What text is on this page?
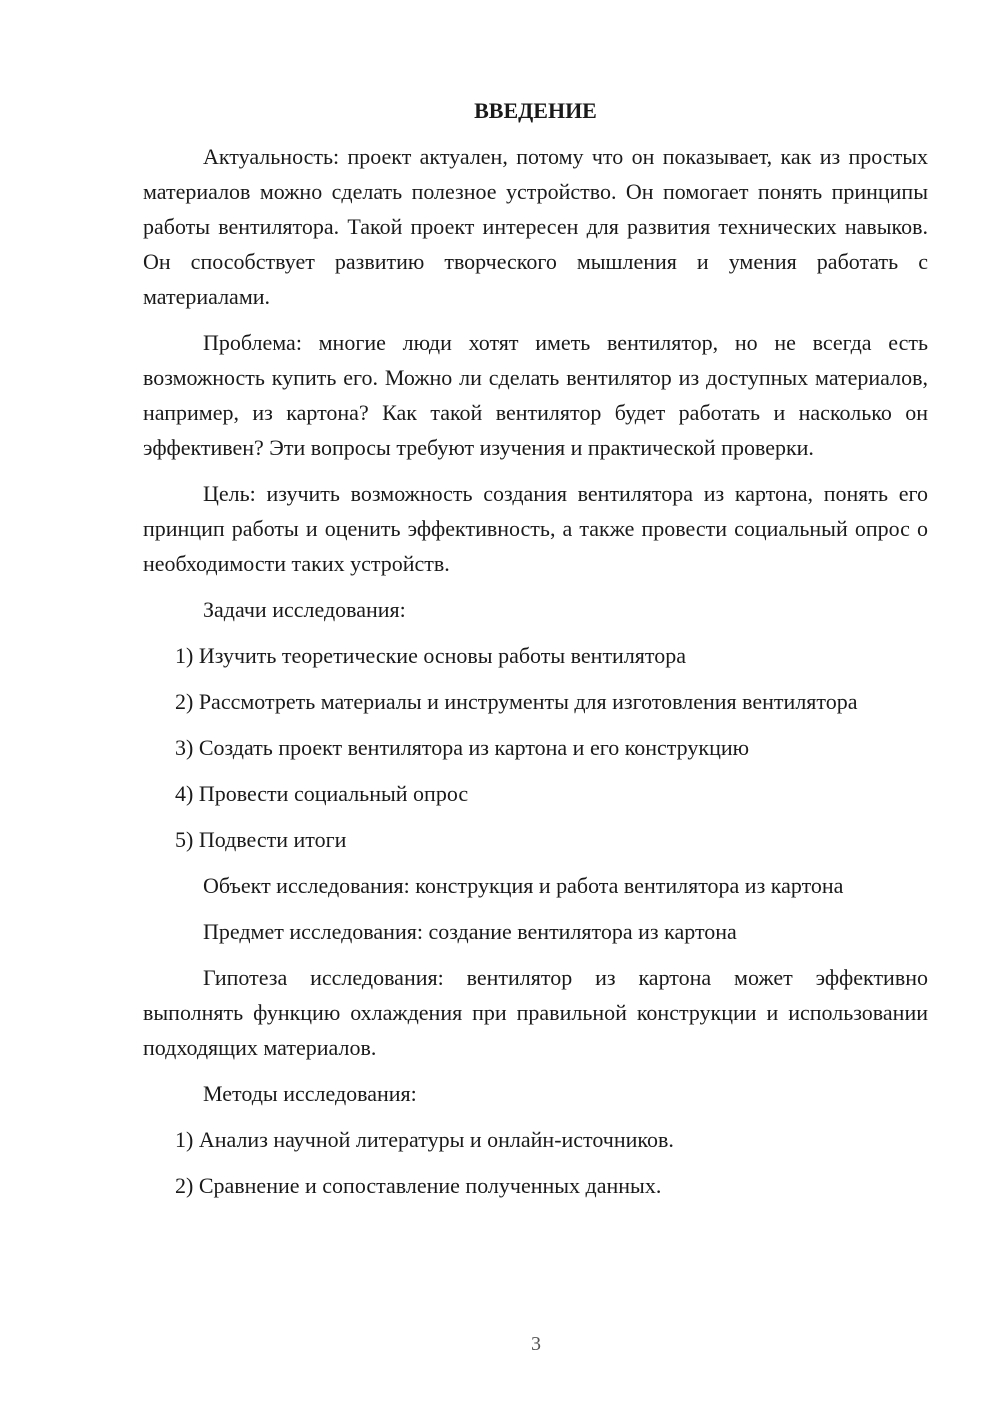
ВВЕДЕНИЕ

Актуальность: проект актуален, потому что он показывает, как из простых материалов можно сделать полезное устройство. Он помогает понять принципы работы вентилятора. Такой проект интересен для развития технических навыков. Он способствует развитию творческого мышления и умения работать с материалами.

Проблема: многие люди хотят иметь вентилятор, но не всегда есть возможность купить его. Можно ли сделать вентилятор из доступных материалов, например, из картона? Как такой вентилятор будет работать и насколько он эффективен? Эти вопросы требуют изучения и практической проверки.

Цель: изучить возможность создания вентилятора из картона, понять его принцип работы и оценить эффективность, а также провести социальный опрос о необходимости таких устройств.

Задачи исследования:

1) Изучить теоретические основы работы вентилятора

2) Рассмотреть материалы и инструменты для изготовления вентилятора

3) Создать проект вентилятора из картона и его конструкцию

4) Провести социальный опрос

5) Подвести итоги

Объект исследования: конструкция и работа вентилятора из картона

Предмет исследования: создание вентилятора из картона

Гипотеза исследования: вентилятор из картона может эффективно выполнять функцию охлаждения при правильной конструкции и использовании подходящих материалов.

Методы исследования:

1) Анализ научной литературы и онлайн-источников.

2) Сравнение и сопоставление полученных данных.

3
